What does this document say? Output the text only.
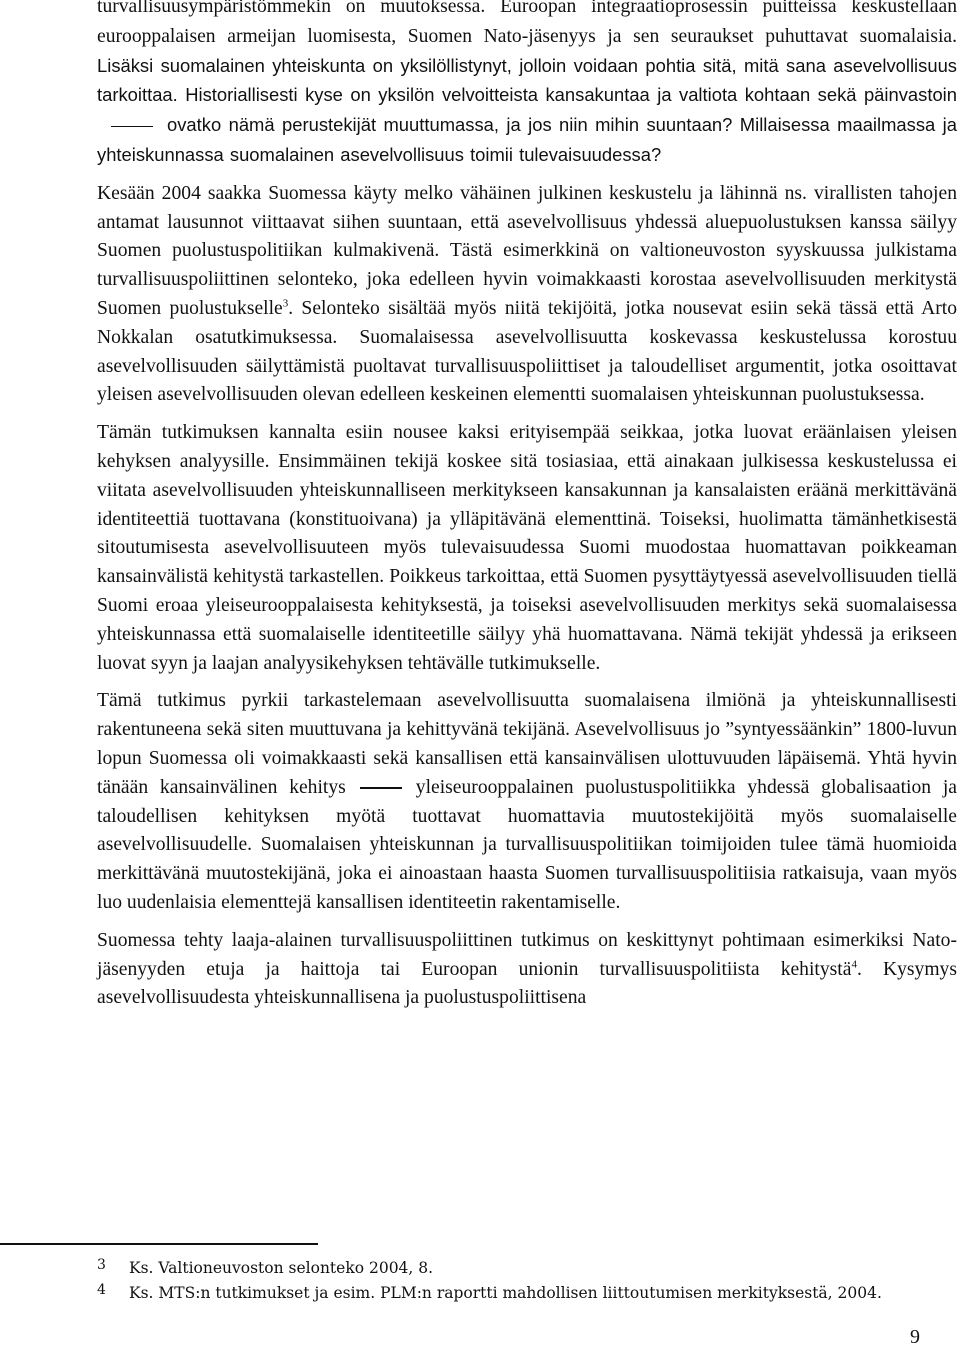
turvallisuusympäristömmekin on muutoksessa. Euroopan integraatioprosessin puitteissa keskustellaan eurooppalaisen armeijan luomisesta, Suomen Nato-jäsenyys ja sen seuraukset puhuttavat suomalaisia. Lisäksi suomalainen yhteiskunta on yksilöllistynyt, jolloin voidaan pohtia sitä, mitä sana asevelvollisuus tarkoittaa. Historiallisesti kyse on yksilön velvoitteista kansakuntaa ja valtiota kohtaan sekä päinvastoinovatko nämä perustekijät muuttumassa, ja jos niin mihin suuntaan? Millaisessa maailmassa ja yhteiskunnassa suomalainen asevelvollisuus toimii tulevaisuudessa?

Kesään 2004 saakka Suomessa käyty melko vähäinen julkinen keskustelu ja lähinnä ns. virallisten tahojen antamat lausunnot viittaavat siihen suuntaan, että asevelvollisuus yhdessä aluepuolustuksen kanssa säilyy Suomen puolustuspolitiikan kulmakivenä. Tästä esimerkkinä on valtioneuvoston syyskuussa julkistama turvallisuuspoliittinen selonteko, joka edelleen hyvin voimakkaasti korostaa asevelvollisuuden merkitystä Suomen puolustukselle$^3$. Selonteko sisältää myös niitä tekijöitä, jotka nousevat esiin sekä tässä että Arto Nokkalan osatutkimuksessa. Suomalaisessa asevelvollisuutta koskevassa keskustelussa korostuu asevelvollisuuden säilyttämistä puoltavat turvallisuuspoliittiset ja taloudelliset argumentit, jotka osoittavat yleisen asevelvollisuuden olevan edelleen keskeinen elementti suomalaisen yhteiskunnan puolustuksessa.

Tämän tutkimuksen kannalta esiin nousee kaksi erityisempää seikkaa, jotka luovat eräänlaisen yleisen kehyksen analyysille. Ensimmäinen tekijä koskee sitä tosiasiaa, että ainakaan julkisessa keskustelussa ei viitata asevelvollisuuden yhteiskunnalliseen merkitykseen kansakunnan ja kansalaisten eräänä merkittävänä identiteettiä tuottavana (konstituoivana) ja ylläpitävänä elementtinä. Toiseksi, huolimatta tämänhetkisestä sitoutumisesta asevelvollisuuteen myös tulevaisuudessa Suomi muodostaa huomattavan poikkeaman kansainvälistä kehitystä tarkastellen. Poikkeus tarkoittaa, että Suomen pysyttäytyessä asevelvollisuuden tiellä Suomi eroaa yleiseurooppalaisesta kehityksestä, ja toiseksi asevelvollisuuden merkitys sekä suomalaisessa yhteiskunnassa että suomalaiselle identiteetille säilyy yhä huomattavana. Nämä tekijät yhdessä ja erikseen luovat syyn ja laajan analyysikehyksen tehtävälle tutkimukselle.

Tämä tutkimus pyrkii tarkastelemaan asevelvollisuutta suomalaisena ilmiönä ja yhteiskunnallisesti rakentuneena sekä siten muuttuvana ja kehittyvänä tekijänä. Asevelvollisuus jo ”syntyessäänkin” 1800-luvun lopun Suomessa oli voimakkaasti sekä kansallisen että kansainvälisen ulottuvuuden läpäisemä. Yhtä hyvin tänään kansainvälinen kehitys	yleiseurooppalainen puolustuspolitiikka yhdessä globalisaation ja taloudellisen kehityksen myötä tuottavat huomattavia muutostekijöitä myös suomalaiselle asevelvollisuudelle. Suomalaisen yhteiskunnan ja turvallisuuspolitiikan toimijoiden tulee tämä huomioida merkittävänä muutostekijänä, joka ei ainoastaan haasta Suomen turvallisuuspolitiisia ratkaisuja, vaan myös luo uudenlaisia elementtejä kansallisen identiteetin rakentamiselle.

Suomessa tehty laaja-alainen turvallisuuspoliittinen tutkimus on keskittynyt pohtimaan esimerkiksi Nato-jäsenyyden etuja ja haittoja tai Euroopan unionin turvallisuuspolitiista kehitystä$^4$. Kysymys asevelvollisuudesta yhteiskunnallisena ja puolustuspoliittisena

3 Ks. Valtioneuvoston selonteko 2004, 8.

4 Ks. MTS:n tutkimukset ja esim. PLM:n raportti mahdollisen liittoutumisen merkityksestä, 2004.

9
